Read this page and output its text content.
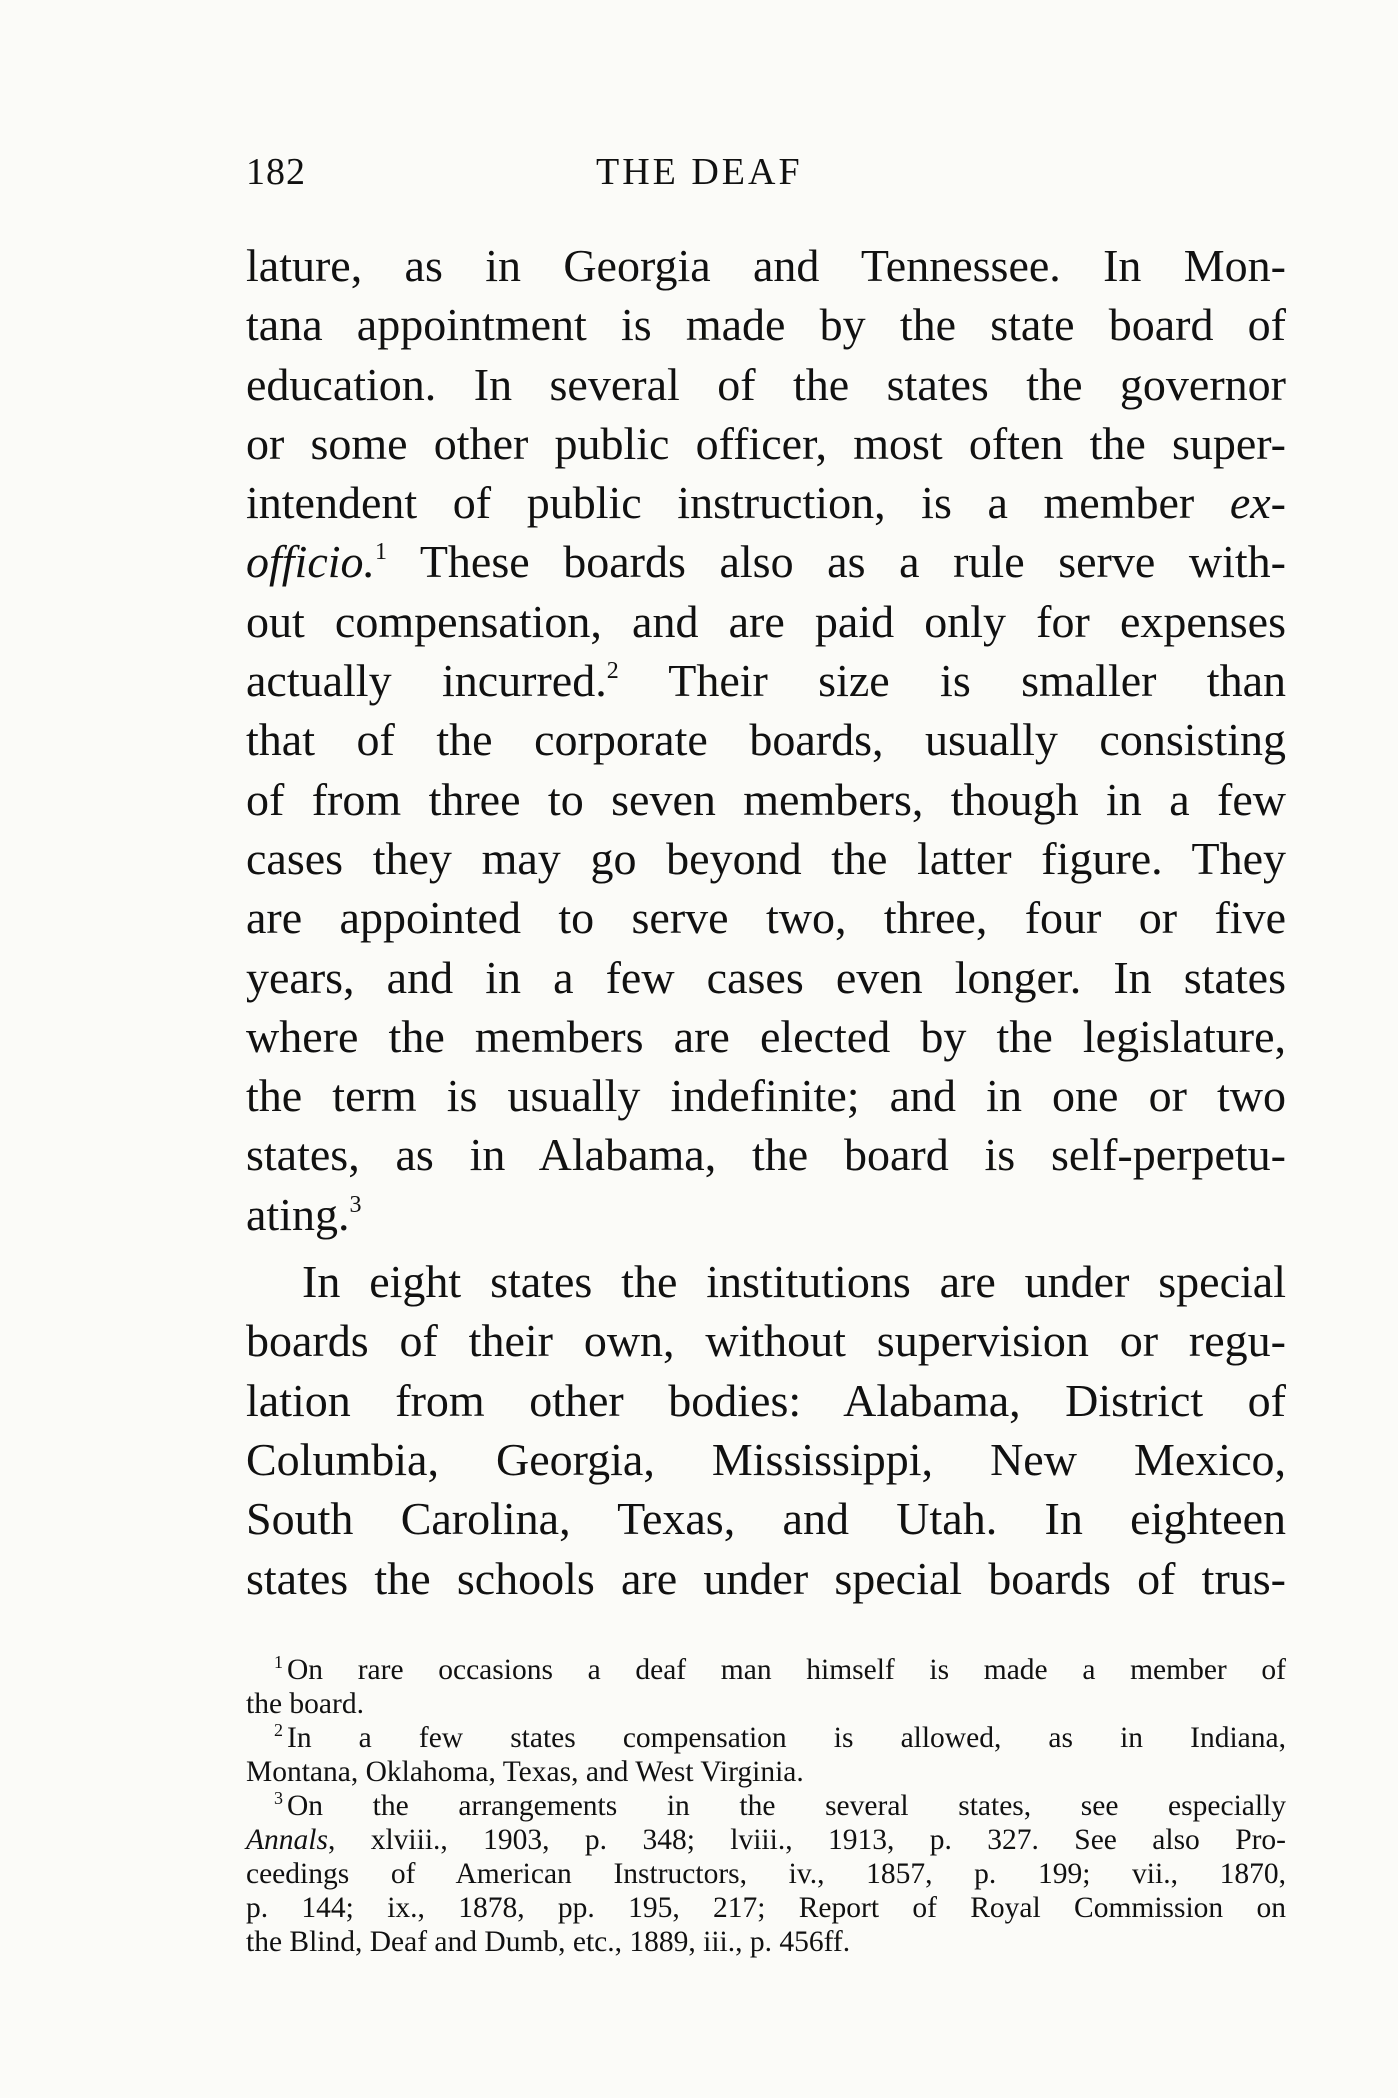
182	THE DEAF
lature, as in Georgia and Tennessee. In Mon-
tana appointment is made by the state board of
education. In several of the states the governor
or some other public officer, most often the super-
intendent of public instruction, is a member ex-
officio.$^1$ These boards also as a rule serve with-
out compensation, and are paid only for expenses
actually incurred.$^2$ Their size is smaller than
that of the corporate boards, usually consisting
of from three to seven members, though in a few
cases they may go beyond the latter figure. They
are appointed to serve two, three, four or five
years, and in a few cases even longer. In states
where the members are elected by the legislature,
the term is usually indefinite; and in one or two
states, as in Alabama, the board is self-perpetu-
ating.$^3$
In eight states the institutions are under special
boards of their own, without supervision or regu-
lation from other bodies: Alabama, District of
Columbia, Georgia, Mississippi, New Mexico,
South Carolina, Texas, and Utah. In eighteen
states the schools are under special boards of trus-
$^1$ On rare occasions a deaf man himself is made a member of
the board.
$^2$ In a few states compensation is allowed, as in Indiana,
Montana, Oklahoma, Texas, and West Virginia.
$^3$ On the arrangements in the several states, see especially
Annals, xlviii., 1903, p. 348; lviii., 1913, p. 327. See also Pro-
ceedings of American Instructors, iv., 1857, p. 199; vii., 1870,
p. 144; ix., 1878, pp. 195, 217; Report of Royal Commission on
the Blind, Deaf and Dumb, etc., 1889, iii., p. 456ff.
